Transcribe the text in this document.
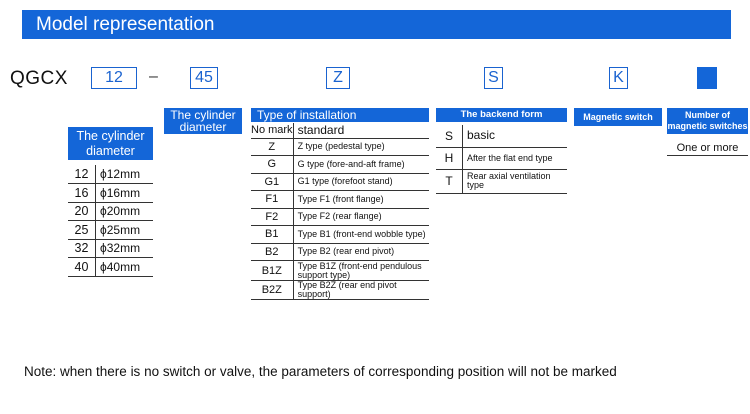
Model representation
QGCX	12	–	45	Z	S	K
The cylinder
diameter
12	ϕ12mm
16	ϕ16mm
20	ϕ20mm
25	ϕ25mm
32	ϕ32mm
40	ϕ40mm
The cylinder
diameter
Type of installation
No mark	standard
Z	Z type (pedestal type)
G	G type (fore-and-aft frame)
G1	G1 type (forefoot stand)
F1	Type F1 (front flange)
F2	Type F2 (rear flange)
B1	Type B1 (front-end wobble type)
B2	Type B2 (rear end pivot)
B1Z	Type B1Z (front-end pendulous support type)
B2Z	Type B2Z (rear end pivot support)
The backend form
S	basic
H	After the flat end type
T	Rear axial ventilation type
Magnetic switch	Number of
magnetic switches
One or more
Note: when there is no switch or valve, the parameters of corresponding position will not be marked
